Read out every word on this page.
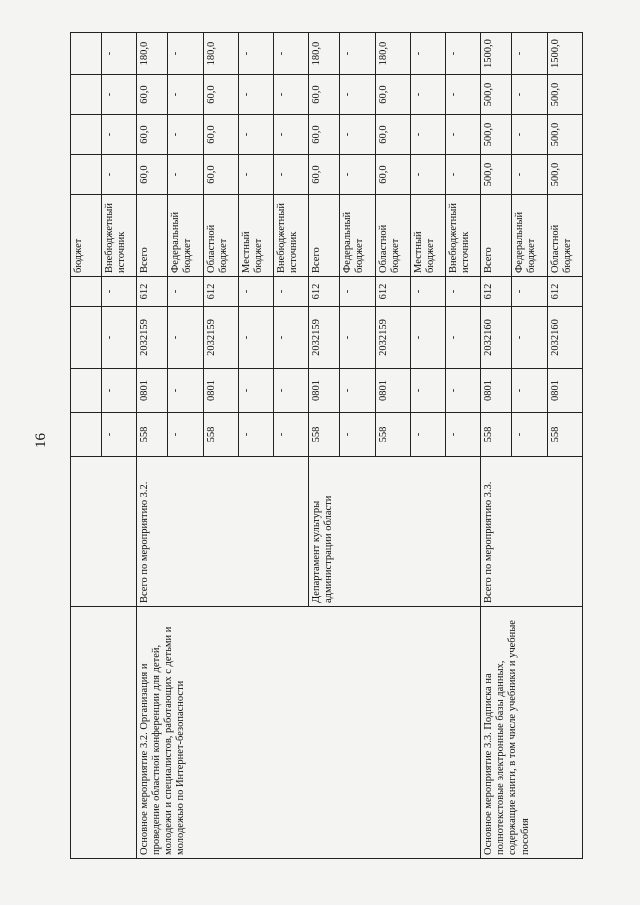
16
						бюджет				
		-	-	-	-	Внебюджетный источник	-	-	-	-
Основное мероприятие 3.2. Организация и проведение областной конференции для детей, молодежи и специалистов, работающих с детьми и молодежью по Интернет-безопасности	Всего по мероприятию 3.2.	558	0801	2032159	612	Всего	60,0	60,0	60,0	180,0
		-	-	-	-	Федеральный бюджет	-	-	-	-
		558	0801	2032159	612	Областной бюджет	60,0	60,0	60,0	180,0
		-	-	-	-	Местный бюджет	-	-	-	-
		-	-	-	-	Внебюджетный источник	-	-	-	-
	Департамент культуры администрации области	558	0801	2032159	612	Всего	60,0	60,0	60,0	180,0
		-	-	-	-	Федеральный бюджет	-	-	-	-
		558	0801	2032159	612	Областной бюджет	60,0	60,0	60,0	180,0
		-	-	-	-	Местный бюджет	-	-	-	-
		-	-	-	-	Внебюджетный источник	-	-	-	-
Основное мероприятие 3.3. Подписка на полнотекстовые электронные базы данных, содержащие книги, в том числе учебники и учебные пособия	Всего по мероприятию 3.3.	558	0801	2032160	612	Всего	500,0	500,0	500,0	1500,0
		-	-	-	-	Федеральный бюджет	-	-	-	-
		558	0801	2032160	612	Областной бюджет	500,0	500,0	500,0	1500,0
